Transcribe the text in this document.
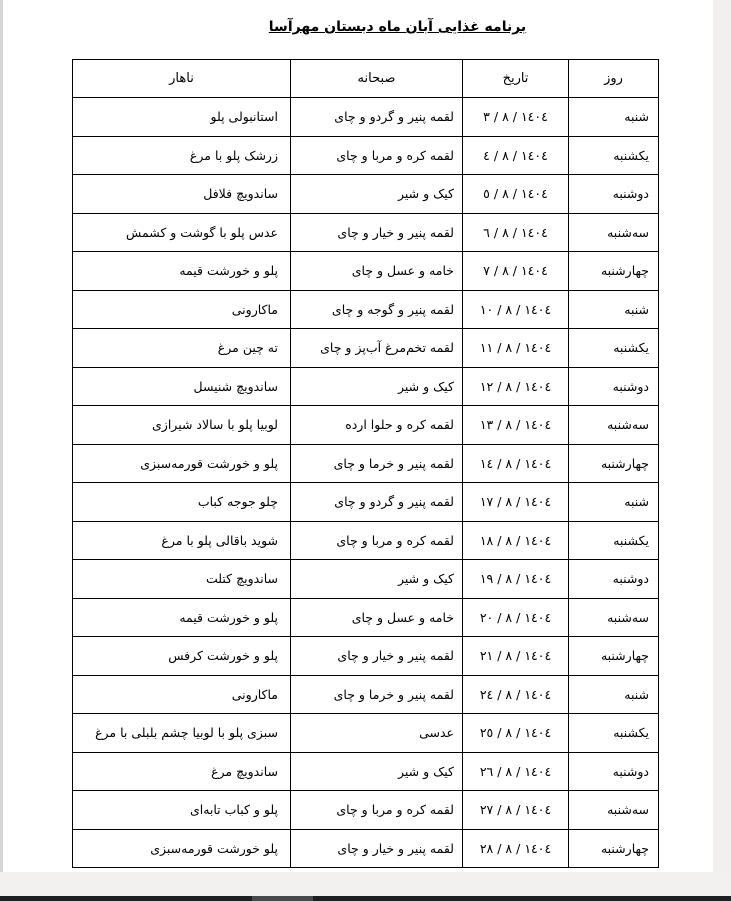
برنامه غذایی آبان ماه دبستان مهرآسا
روز	تاریخ	صبحانه	ناهار
شنبه	١٤٠٤ / ٨ / ٣	لقمه پنیر و گردو و چای	استانبولی پلو
یکشنبه	١٤٠٤ / ٨ / ٤	لقمه کره و مربا و چای	زرشک پلو با مرغ
دوشنبه	١٤٠٤ / ٨ / ٥	کیک و شیر	ساندویچ فلافل
سه‌شنبه	١٤٠٤ / ٨ / ٦	لقمه پنیر و خیار و چای	عدس پلو با گوشت و کشمش
چهارشنبه	١٤٠٤ / ٨ / ٧	خامه و عسل و چای	پلو و خورشت قیمه
شنبه	١٤٠٤ / ٨ / ١٠	لقمه پنیر و گوجه و چای	ماکارونی
یکشنبه	١٤٠٤ / ٨ / ١١	لقمه تخم‌مرغ آب‌پز و چای	ته چین مرغ
دوشنبه	١٤٠٤ / ٨ / ١٢	کیک و شیر	ساندویچ شنیسل
سه‌شنبه	١٤٠٤ / ٨ / ١٣	لقمه کره و حلوا ارده	لوبیا پلو با سالاد شیرازی
چهارشنبه	١٤٠٤ / ٨ / ١٤	لقمه پنیر و خرما و چای	پلو و خورشت قورمه‌سبزی
شنبه	١٤٠٤ / ٨ / ١٧	لقمه پنیر و گردو و چای	چلو جوجه کباب
یکشنبه	١٤٠٤ / ٨ / ١٨	لقمه کره و مربا و چای	شوید باقالی پلو با مرغ
دوشنبه	١٤٠٤ / ٨ / ١٩	کیک و شیر	ساندویچ کتلت
سه‌شنبه	١٤٠٤ / ٨ / ٢٠	خامه و عسل و چای	پلو و خورشت قیمه
چهارشنبه	١٤٠٤ / ٨ / ٢١	لقمه پنیر و خیار و چای	پلو و خورشت کرفس
شنبه	١٤٠٤ / ٨ / ٢٤	لقمه پنیر و خرما و چای	ماکارونی
یکشنبه	١٤٠٤ / ٨ / ٢٥	عدسی	سبزی پلو با لوبیا چشم بلبلی با مرغ
دوشنبه	١٤٠٤ / ٨ / ٢٦	کیک و شیر	ساندویچ مرغ
سه‌شنبه	١٤٠٤ / ٨ / ٢٧	لقمه کره و مربا و چای	پلو و کباب تابه‌ای
چهارشنبه	١٤٠٤ / ٨ / ٢٨	لقمه پنیر و خیار و چای	پلو خورشت قورمه‌سبزی
